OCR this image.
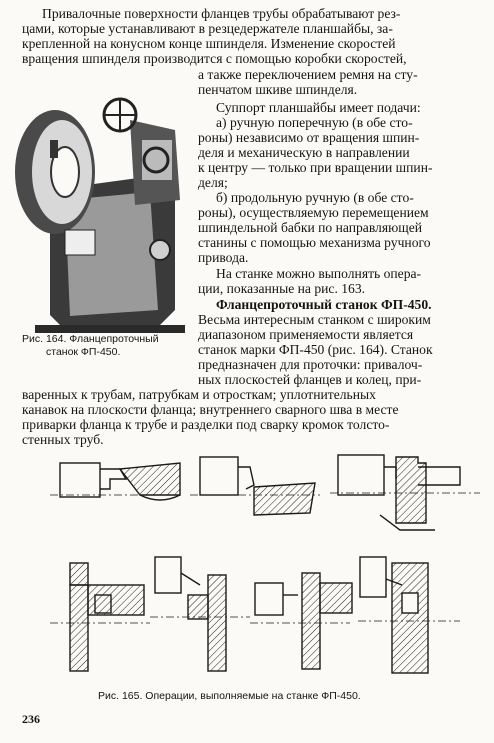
Привалочные поверхности фланцев трубы обрабатывают рез-
цами, которые устанавливают в резцедержателе планшайбы, за-
крепленной на конусном конце шпинделя. Изменение скоростей
вращения шпинделя производится с помощью коробки скоростей,
а также переключением ремня на сту-
пенчатом шкиве шпинделя.
Суппорт планшайбы имеет подачи:
а) ручную поперечную (в обе сто-
роны) независимо от вращения шпин-
деля и механическую в направлении
к центру — только при вращении шпин-
деля;
б) продольную ручную (в обе сто-
роны), осуществляемую перемещением
шпиндельной бабки по направляющей
станины с помощью механизма ручного
привода.
На станке можно выполнять опера-
ции, показанные на рис. 163.
Фланцепроточный станок ФП-450.
Весьма интересным станком с широким
диапазоном применяемости является
станок марки ФП-450 (рис. 164). Станок
предназначен для проточки: привалоч-
ных плоскостей фланцев и колец, при-
варенных к трубам, патрубкам и отросткам; уплотнительных
канавок на плоскости фланца; внутреннего сварного шва в месте
приварки фланца к трубе и разделки под сварку кромок толсто-
стенных труб.
Рис. 164. Фланцепроточный
станок ФП-450.
Рис. 165. Операции, выполняемые на станке ФП-450.
236
